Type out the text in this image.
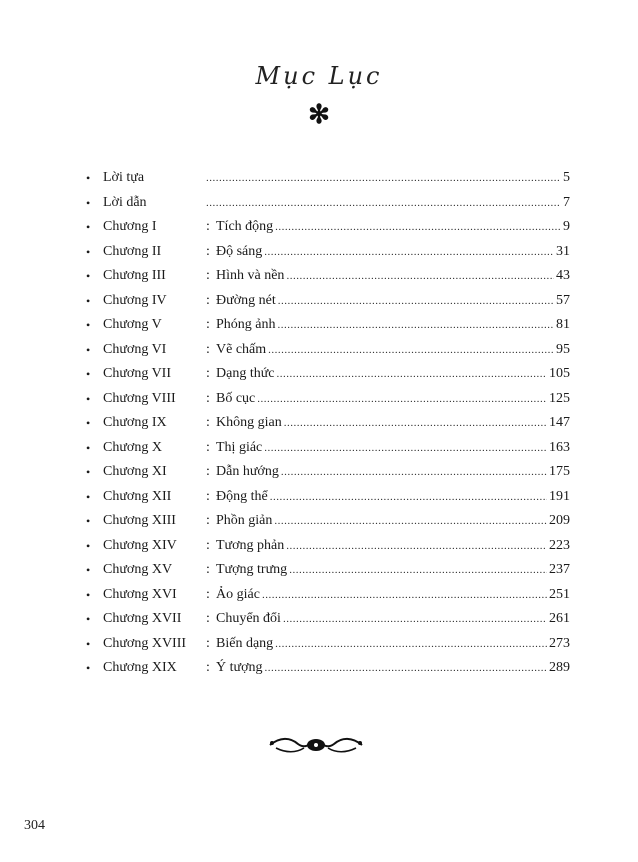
Mục Lục
✻
• Lời tựa .....	5
• Lời dẫn .....	7
• Chương I	: Tích động .....	9
• Chương II	: Độ sáng .....	31
• Chương III	: Hình và nền .....	43
• Chương IV	: Đường nét .....	57
• Chương V	: Phóng ảnh .....	81
• Chương VI	: Vẽ chấm .....	95
• Chương VII : Dạng thức .....	105
• Chương VIII : Bố cục .....	125
• Chương IX	: Không gian .....	147
• Chương X	: Thị giác .....	163
• Chương XI	: Dẫn hướng .....	175
• Chương XII : Động thể .....	191
• Chương XIII : Phồn giản .....	209
• Chương XIV : Tương phản .....	223
• Chương XV : Tượng trưng .....	237
• Chương XVI : Ảo giác .....	251
• Chương XVII : Chuyển đổi .....	261
• Chương XVIII : Biến dạng .....	273
• Chương XIX : Ý tượng .....	289
304
